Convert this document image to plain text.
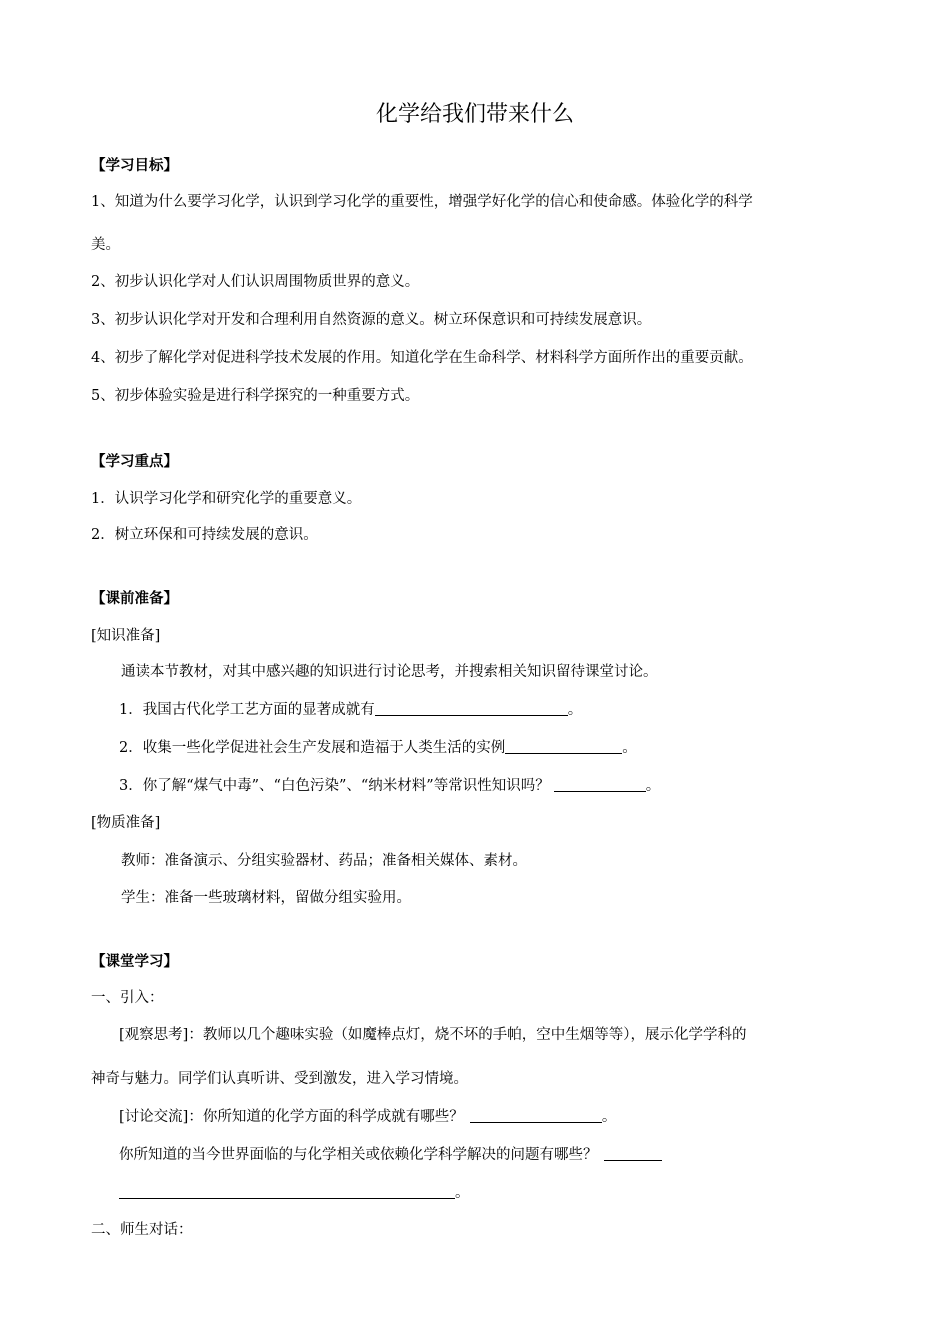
化学给我们带来什么
【学习目标】
1、知道为什么要学习化学，认识到学习化学的重要性，增强学好化学的信心和使命感。体验化学的科学
美。
2、初步认识化学对人们认识周围物质世界的意义。
3、初步认识化学对开发和合理利用自然资源的意义。树立环保意识和可持续发展意识。
4、初步了解化学对促进科学技术发展的作用。知道化学在生命科学、材料科学方面所作出的重要贡献。
5、初步体验实验是进行科学探究的一种重要方式。
【学习重点】
1．认识学习化学和研究化学的重要意义。
2．树立环保和可持续发展的意识。
【课前准备】
[知识准备]
通读本节教材，对其中感兴趣的知识进行讨论思考，并搜索相关知识留待课堂讨论。
1．我国古代化学工艺方面的显著成就有	。
2．收集一些化学促进社会生产发展和造福于人类生活的实例	。
3．你了解“煤气中毒”、“白色污染”、“纳米材料”等常识性知识吗？	。
[物质准备]
教师：准备演示、分组实验器材、药品；准备相关媒体、素材。
学生：准备一些玻璃材料，留做分组实验用。
【课堂学习】
一、引入：
[观察思考]：教师以几个趣味实验（如魔棒点灯，烧不坏的手帕，空中生烟等等），展示化学学科的
神奇与魅力。同学们认真听讲、受到激发，进入学习情境。
[讨论交流]：你所知道的化学方面的科学成就有哪些？	。
你所知道的当今世界面临的与化学相关或依赖化学科学解决的问题有哪些？
。
二、师生对话：
